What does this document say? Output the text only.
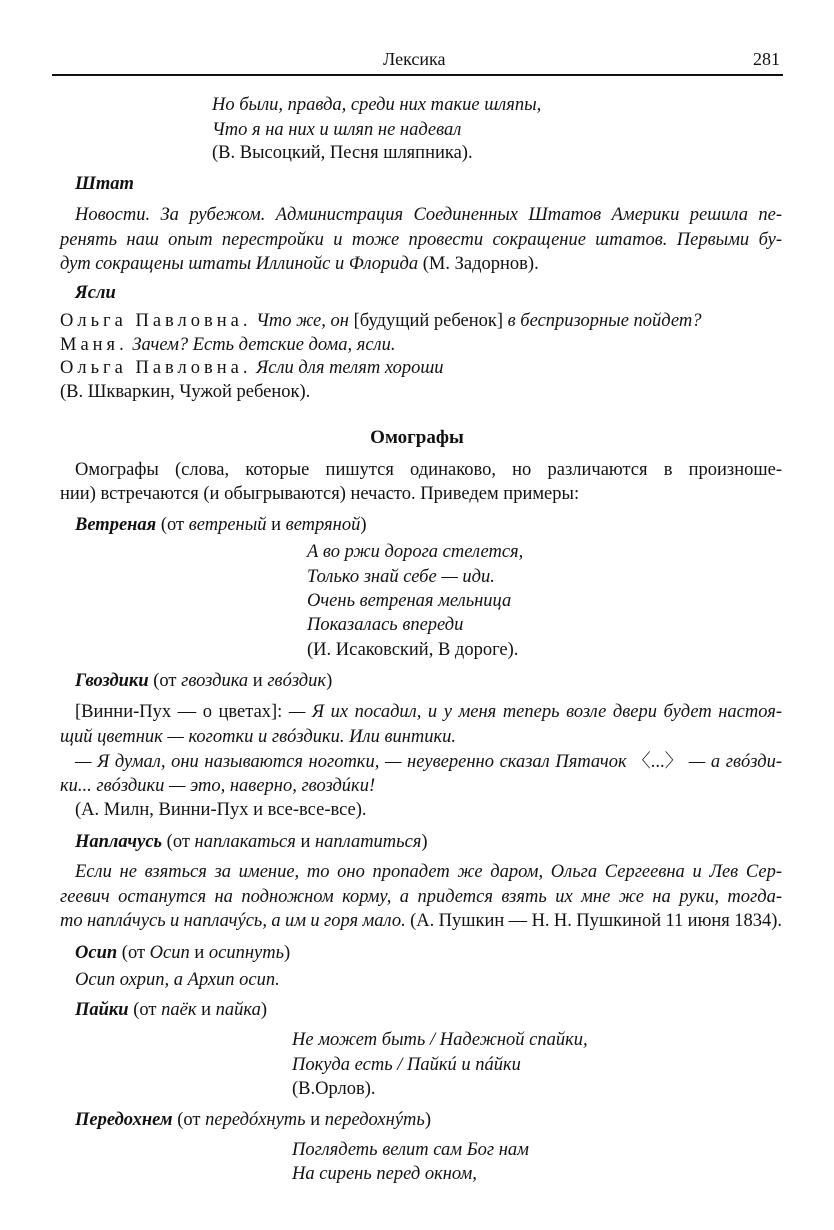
Лексика	281
Но были, правда, среди них такие шляпы,
Что я на них и шляп не надевал
(В. Высоцкий, Песня шляпника).
Штат
Новости. За рубежом. Администрация Соединенных Штатов Америки решила пе-
ренять наш опыт перестройки и тоже провести сокращение штатов. Первыми бу-
дут сокращены штаты Иллинойс и Флорида (М. Задорнов).
Ясли
Ольга Павловна. Что же, он [будущий ребенок] в беспризорные пойдет?
Маня. Зачем? Есть детские дома, ясли.
Ольга Павловна. Ясли для телят хороши
(В. Шкваркин, Чужой ребенок).
Омографы
Омографы (слова, которые пишутся одинаково, но различаются в произноше-
нии) встречаются (и обыгрываются) нечасто. Приведем примеры:
Ветреная (от ветреный и ветряной)
А во ржи дорога стелется,
Только знай себе — иди.
Очень ветреная мельница
Показалась впереди
(И. Исаковский, В дороге).
Гвоздики (от гвоздика и гвóздик)
[Винни-Пух — о цветах]: — Я их посадил, и у меня теперь возле двери будет настоя-
щий цветник — коготки и гвóздики. Или винтики.
— Я думал, они называются ноготки, — неуверенно сказал Пятачок 〈...〉 — а гвóзди-
ки... гвóздики — это, наверно, гвоздúки!
(А. Милн, Винни-Пух и все-все-все).
Наплачусь (от наплакаться и наплатиться)
Если не взяться за имение, то оно пропадет же даром, Ольга Сергеевна и Лев Сер-
геевич останутся на подножном корму, а придется взять их мне же на руки, тогда-
то наплáчусь и наплачýсь, а им и горя мало. (А. Пушкин — Н. Н. Пушкиной 11 июня 1834).
Осип (от Осип и осипнуть)
Осип охрип, а Архип осип.
Пайки (от паёк и пайка)
Не может быть / Надежной спайки,
Покуда есть / Пайкú и пáйки
(В.Орлов).
Передохнем (от передóхнуть и передохнýть)
Поглядеть велит сам Бог нам
На сирень перед окном,
